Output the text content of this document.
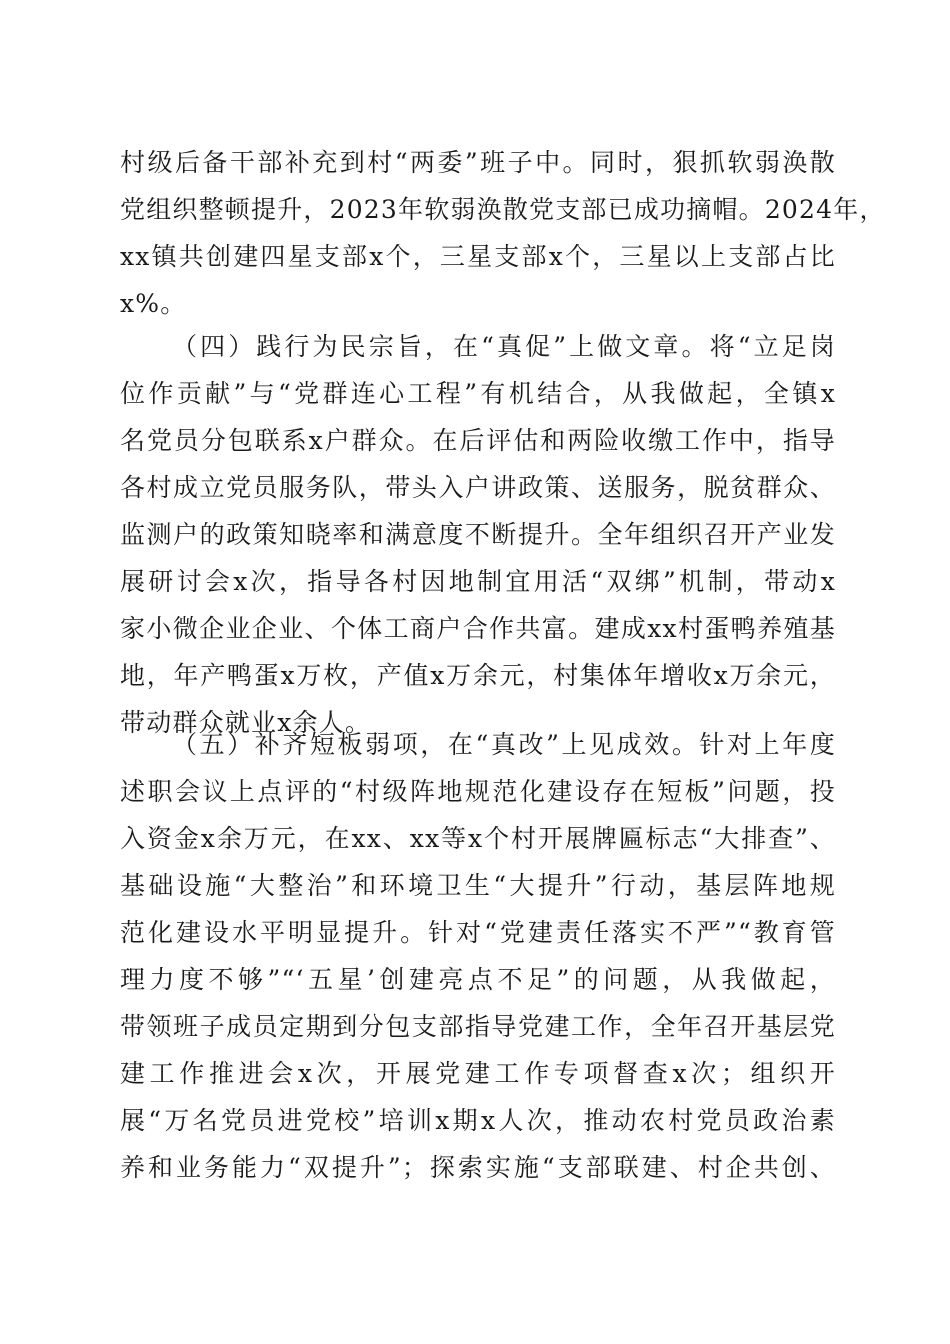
村级后备干部补充到村“两委”班子中。同时，狠抓软弱涣散
党组织整顿提升，2023年软弱涣散党支部已成功摘帽。2024年，
xx镇共创建四星支部x个，三星支部x个，三星以上支部占比
x%。
（四）践行为民宗旨，在“真促”上做文章。将“立足岗
位作贡献”与“党群连心工程”有机结合，从我做起，全镇x
名党员分包联系x户群众。在后评估和两险收缴工作中，指导
各村成立党员服务队，带头入户讲政策、送服务，脱贫群众、
监测户的政策知晓率和满意度不断提升。全年组织召开产业发
展研讨会x次，指导各村因地制宜用活“双绑”机制，带动x
家小微企业企业、个体工商户合作共富。建成xx村蛋鸭养殖基
地，年产鸭蛋x万枚，产值x万余元，村集体年增收x万余元，
带动群众就业x余人。
（五）补齐短板弱项，在“真改”上见成效。针对上年度
述职会议上点评的“村级阵地规范化建设存在短板”问题，投
入资金x余万元，在xx、xx等x个村开展牌匾标志“大排查”、
基础设施“大整治”和环境卫生“大提升”行动，基层阵地规
范化建设水平明显提升。针对“党建责任落实不严”“教育管
理力度不够”“‘五星’创建亮点不足”的问题，从我做起，
带领班子成员定期到分包支部指导党建工作，全年召开基层党
建工作推进会x次，开展党建工作专项督查x次；组织开
展“万名党员进党校”培训x期x人次，推动农村党员政治素
养和业务能力“双提升”；探索实施“支部联建、村企共创、
